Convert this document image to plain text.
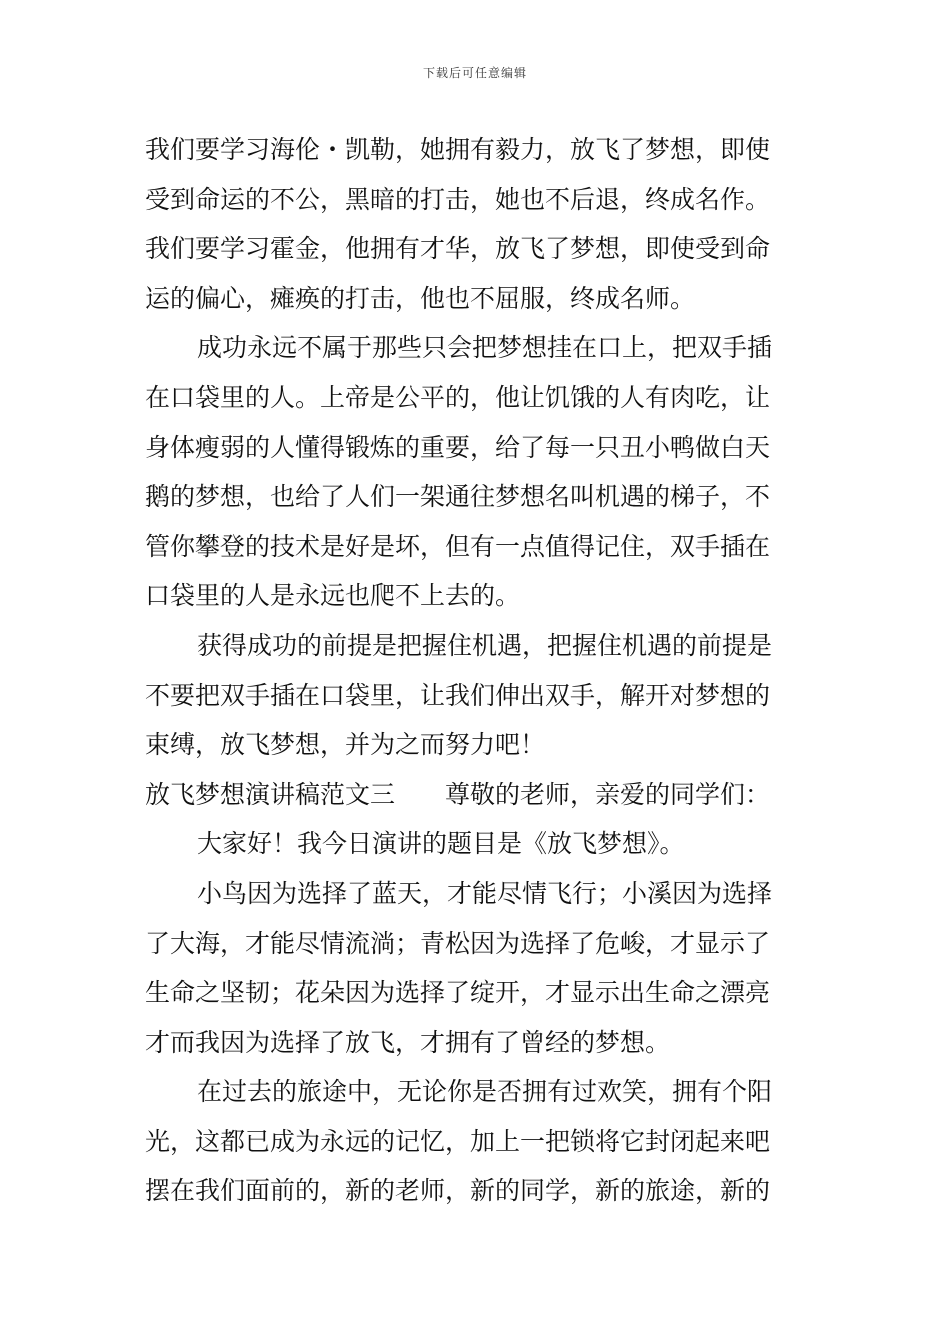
下载后可任意编辑
我们要学习海伦・凯勒，她拥有毅力，放飞了梦想，即使
受到命运的不公，黑暗的打击，她也不后退，终成名作。
我们要学习霍金，他拥有才华，放飞了梦想，即使受到命
运的偏心，瘫痪的打击，他也不屈服，终成名师。
成功永远不属于那些只会把梦想挂在口上，把双手插
在口袋里的人。上帝是公平的，他让饥饿的人有肉吃，让
身体瘦弱的人懂得锻炼的重要，给了每一只丑小鸭做白天
鹅的梦想，也给了人们一架通往梦想名叫机遇的梯子，不
管你攀登的技术是好是坏，但有一点值得记住，双手插在
口袋里的人是永远也爬不上去的。
获得成功的前提是把握住机遇，把握住机遇的前提是
不要把双手插在口袋里，让我们伸出双手，解开对梦想的
束缚，放飞梦想，并为之而努力吧！
放飞梦想演讲稿范文三 尊敬的老师，亲爱的同学们：
大家好！我今日演讲的题目是《放飞梦想》。
小鸟因为选择了蓝天，才能尽情飞行；小溪因为选择
了大海，才能尽情流淌；青松因为选择了危峻，才显示了
生命之坚韧；花朵因为选择了绽开，才显示出生命之漂亮
才而我因为选择了放飞，才拥有了曾经的梦想。
在过去的旅途中，无论你是否拥有过欢笑，拥有个阳
光，这都已成为永远的记忆，加上一把锁将它封闭起来吧
摆在我们面前的，新的老师，新的同学，新的旅途，新的
